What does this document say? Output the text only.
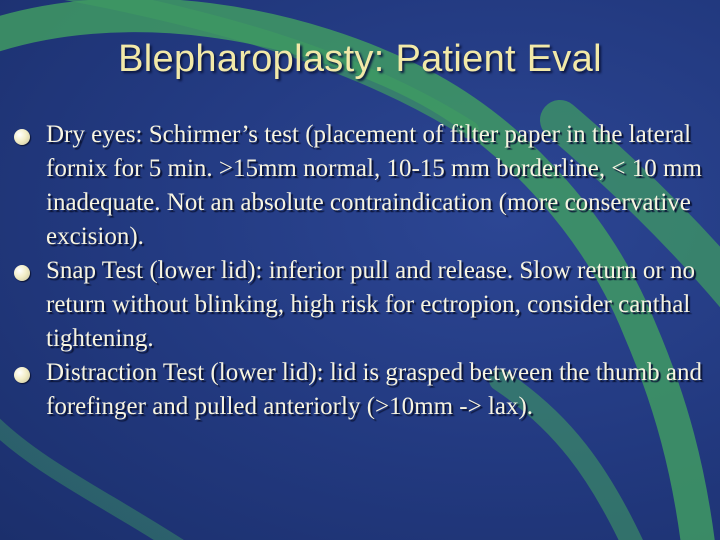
Blepharoplasty: Patient Eval
Dry eyes: Schirmer’s test (placement of filter paper in the lateral fornix for 5 min. >15mm normal, 10-15 mm borderline, < 10 mm inadequate. Not an absolute contraindication (more conservative excision).
Snap Test (lower lid): inferior pull and release. Slow return or no return without blinking, high risk for ectropion, consider canthal tightening.
Distraction Test (lower lid): lid is grasped between the thumb and forefinger and pulled anteriorly (>10mm -> lax).
